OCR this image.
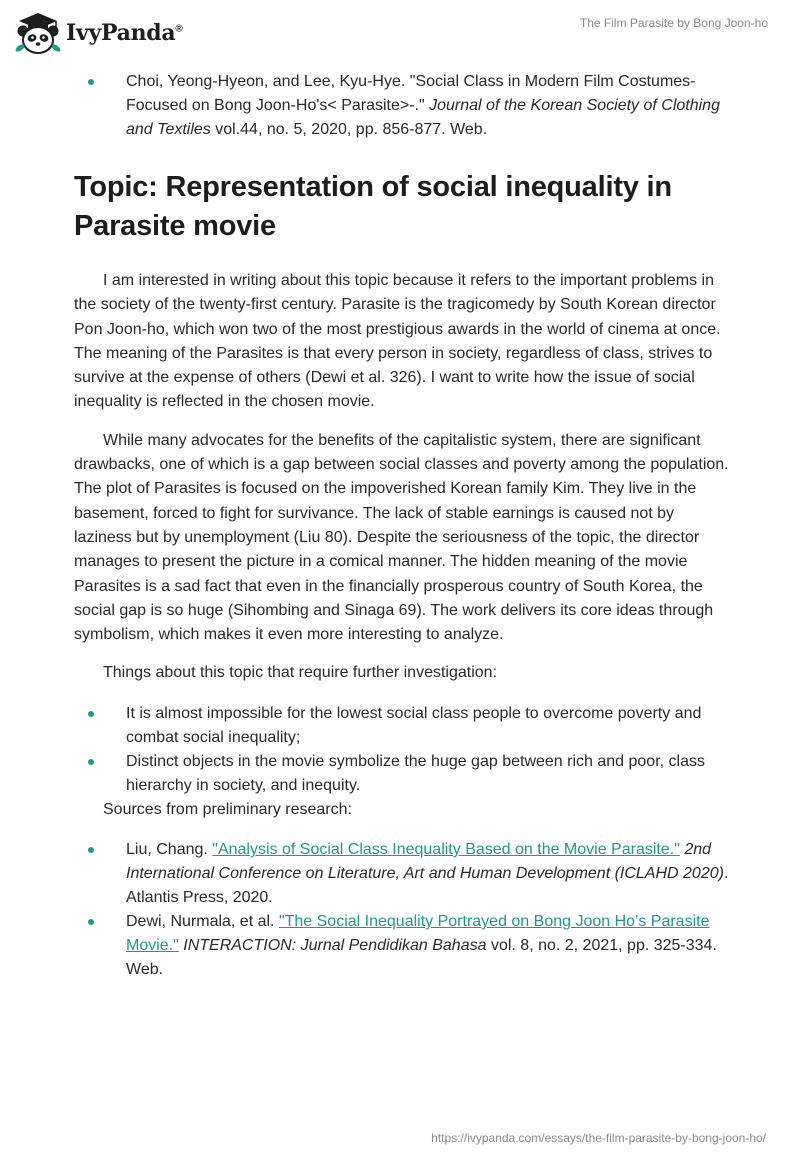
IvyPanda®	The Film Parasite by Bong Joon-ho
Choi, Yeong-Hyeon, and Lee, Kyu-Hye. "Social Class in Modern Film Costumes-Focused on Bong Joon-Ho's< Parasite>-." Journal of the Korean Society of Clothing and Textiles vol.44, no. 5, 2020, pp. 856-877. Web.
Topic: Representation of social inequality in Parasite movie

I am interested in writing about this topic because it refers to the important problems in the society of the twenty-first century. Parasite is the tragicomedy by South Korean director Pon Joon-ho, which won two of the most prestigious awards in the world of cinema at once. The meaning of the Parasites is that every person in society, regardless of class, strives to survive at the expense of others (Dewi et al. 326). I want to write how the issue of social inequality is reflected in the chosen movie.

While many advocates for the benefits of the capitalistic system, there are significant drawbacks, one of which is a gap between social classes and poverty among the population. The plot of Parasites is focused on the impoverished Korean family Kim. They live in the basement, forced to fight for survivance. The lack of stable earnings is caused not by laziness but by unemployment (Liu 80). Despite the seriousness of the topic, the director manages to present the picture in a comical manner. The hidden meaning of the movie Parasites is a sad fact that even in the financially prosperous country of South Korea, the social gap is so huge (Sihombing and Sinaga 69). The work delivers its core ideas through symbolism, which makes it even more interesting to analyze.

Things about this topic that require further investigation:

It is almost impossible for the lowest social class people to overcome poverty and combat social inequality;
Distinct objects in the movie symbolize the huge gap between rich and poor, class hierarchy in society, and inequity.

Sources from preliminary research:

Liu, Chang. "Analysis of Social Class Inequality Based on the Movie Parasite." 2nd International Conference on Literature, Art and Human Development (ICLAHD 2020). Atlantis Press, 2020.
Dewi, Nurmala, et al. "The Social Inequality Portrayed on Bong Joon Ho’s Parasite Movie." INTERACTION: Jurnal Pendidikan Bahasa vol. 8, no. 2, 2021, pp. 325-334. Web.
https://ivypanda.com/essays/the-film-parasite-by-bong-joon-ho/
